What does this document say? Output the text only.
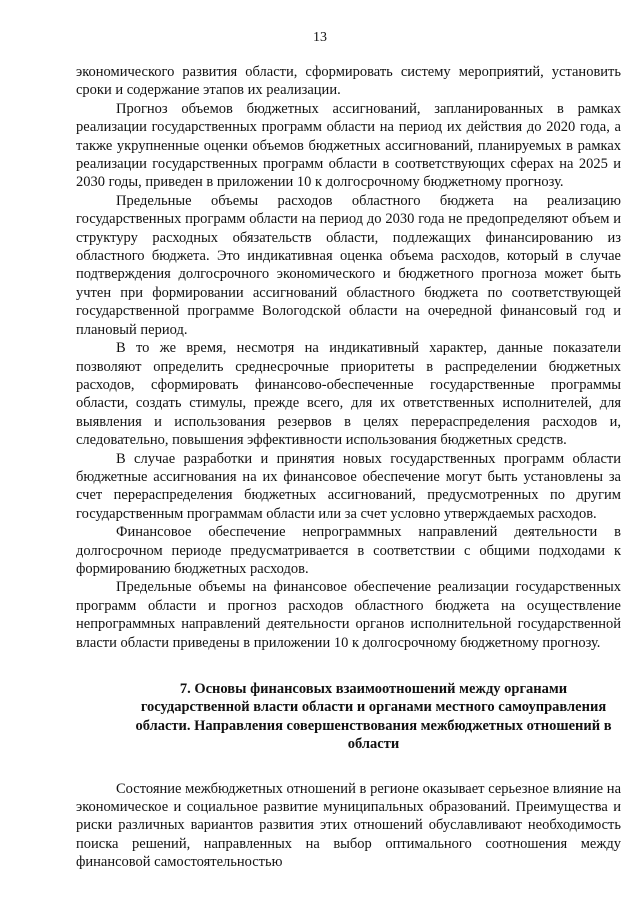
13

экономического развития области, сформировать систему мероприятий, установить сроки и содержание этапов их реализации.

Прогноз объемов бюджетных ассигнований, запланированных в рамках реализации государственных программ области на период их действия до 2020 года, а также укрупненные оценки объемов бюджетных ассигнований, планируемых в рамках реализации государственных программ области в соответствующих сферах на 2025 и 2030 годы, приведен в приложении 10 к долгосрочному бюджетному прогнозу.

Предельные объемы расходов областного бюджета на реализацию государственных программ области на период до 2030 года не предопределяют объем и структуру расходных обязательств области, подлежащих финансированию из областного бюджета. Это индикативная оценка объема расходов, который в случае подтверждения долгосрочного экономического и бюджетного прогноза может быть учтен при формировании ассигнований областного бюджета по соответствующей государственной программе Вологодской области на очередной финансовый год и плановый период.

В то же время, несмотря на индикативный характер, данные показатели позволяют определить среднесрочные приоритеты в распределении бюджетных расходов, сформировать финансово-обеспеченные государственные программы области, создать стимулы, прежде всего, для их ответственных исполнителей, для выявления и использования резервов в целях перераспределения расходов и, следовательно, повышения эффективности использования бюджетных средств.

В случае разработки и принятия новых государственных программ области бюджетные ассигнования на их финансовое обеспечение могут быть установлены за счет перераспределения бюджетных ассигнований, предусмотренных по другим государственным программам области или за счет условно утверждаемых расходов.

Финансовое обеспечение непрограммных направлений деятельности в долгосрочном периоде предусматривается в соответствии с общими подходами к формированию бюджетных расходов.

Предельные объемы на финансовое обеспечение реализации государственных программ области и прогноз расходов областного бюджета на осуществление непрограммных направлений деятельности органов исполнительной государственной власти области приведены в приложении 10 к долгосрочному бюджетному прогнозу.

7. Основы финансовых взаимоотношений между органами государственной власти области и органами местного самоуправления области. Направления совершенствования межбюджетных отношений в области

Состояние межбюджетных отношений в регионе оказывает серьезное влияние на экономическое и социальное развитие муниципальных образований. Преимущества и риски различных вариантов развития этих отношений обуславливают необходимость поиска решений, направленных на выбор оптимального соотношения между финансовой самостоятельностью
